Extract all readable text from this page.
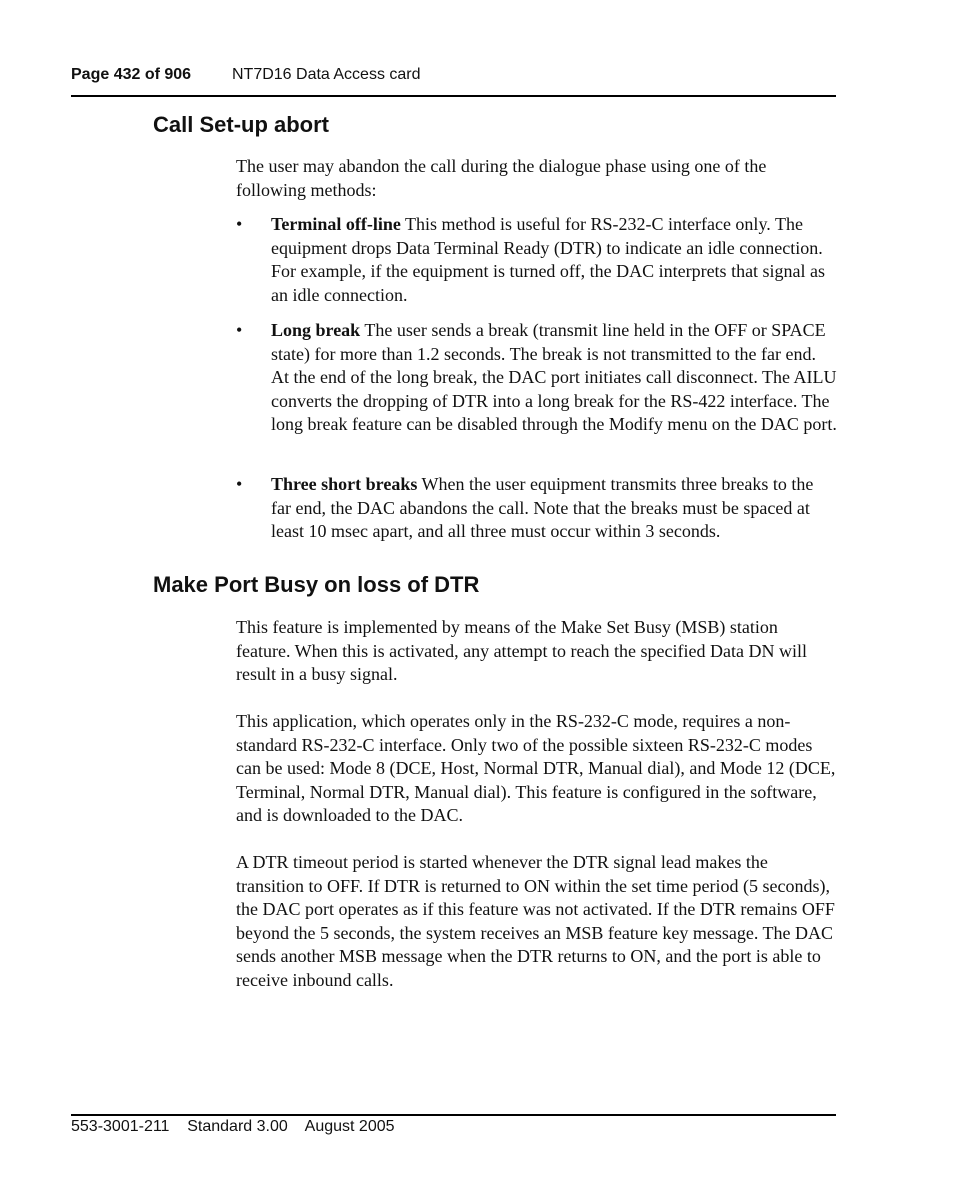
Page 432 of 906	NT7D16 Data Access card
Call Set-up abort

The user may abandon the call during the dialogue phase using one of the following methods:

• Terminal off-line This method is useful for RS-232-C interface only. The equipment drops Data Terminal Ready (DTR) to indicate an idle connection. For example, if the equipment is turned off, the DAC interprets that signal as an idle connection.

• Long break The user sends a break (transmit line held in the OFF or SPACE state) for more than 1.2 seconds. The break is not transmitted to the far end. At the end of the long break, the DAC port initiates call disconnect. The AILU converts the dropping of DTR into a long break for the RS-422 interface. The long break feature can be disabled through the Modify menu on the DAC port.

• Three short breaks When the user equipment transmits three breaks to the far end, the DAC abandons the call. Note that the breaks must be spaced at least 10 msec apart, and all three must occur within 3 seconds.

Make Port Busy on loss of DTR

This feature is implemented by means of the Make Set Busy (MSB) station feature. When this is activated, any attempt to reach the specified Data DN will result in a busy signal.

This application, which operates only in the RS-232-C mode, requires a non-standard RS-232-C interface. Only two of the possible sixteen RS-232-C modes can be used: Mode 8 (DCE, Host, Normal DTR, Manual dial), and Mode 12 (DCE, Terminal, Normal DTR, Manual dial). This feature is configured in the software, and is downloaded to the DAC.

A DTR timeout period is started whenever the DTR signal lead makes the transition to OFF. If DTR is returned to ON within the set time period (5 seconds), the DAC port operates as if this feature was not activated. If the DTR remains OFF beyond the 5 seconds, the system receives an MSB feature key message. The DAC sends another MSB message when the DTR returns to ON, and the port is able to receive inbound calls.

553-3001-211 Standard 3.00 August 2005
